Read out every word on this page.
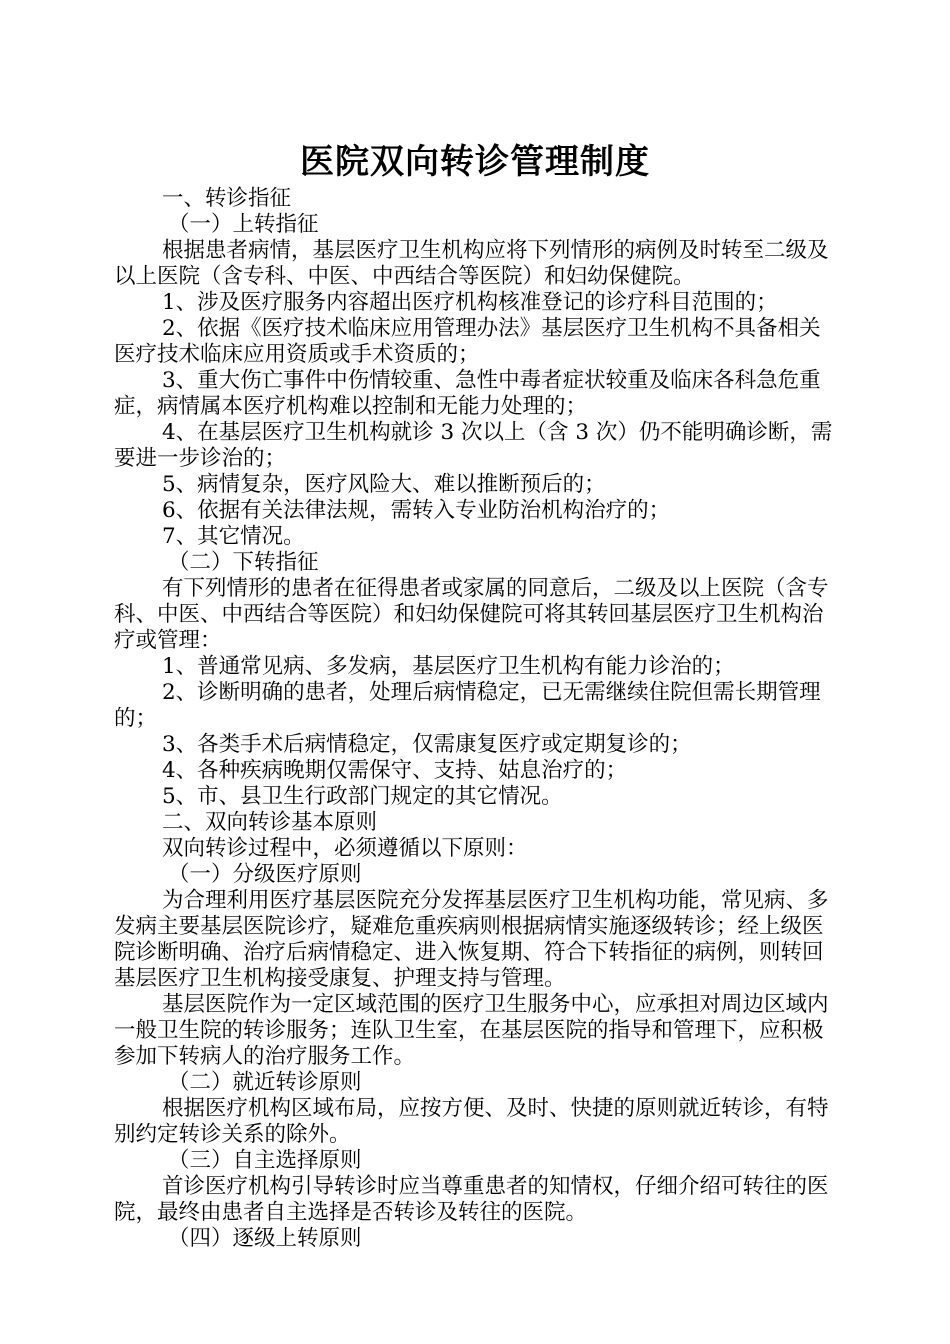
医院双向转诊管理制度

一、转诊指征

（一）上转指征

根据患者病情，基层医疗卫生机构应将下列情形的病例及时转至二级及以上医院（含专科、中医、中西结合等医院）和妇幼保健院。

1、涉及医疗服务内容超出医疗机构核准登记的诊疗科目范围的；

2、依据《医疗技术临床应用管理办法》基层医疗卫生机构不具备相关医疗技术临床应用资质或手术资质的；

3、重大伤亡事件中伤情较重、急性中毒者症状较重及临床各科急危重症，病情属本医疗机构难以控制和无能力处理的；

4、在基层医疗卫生机构就诊 3 次以上（含 3 次）仍不能明确诊断，需要进一步诊治的；

5、病情复杂，医疗风险大、难以推断预后的；

6、依据有关法律法规，需转入专业防治机构治疗的；

7、其它情况。

（二）下转指征

有下列情形的患者在征得患者或家属的同意后，二级及以上医院（含专科、中医、中西结合等医院）和妇幼保健院可将其转回基层医疗卫生机构治疗或管理：

1、普通常见病、多发病，基层医疗卫生机构有能力诊治的；

2、诊断明确的患者，处理后病情稳定，已无需继续住院但需长期管理的；

3、各类手术后病情稳定，仅需康复医疗或定期复诊的；

4、各种疾病晚期仅需保守、支持、姑息治疗的；

5、市、县卫生行政部门规定的其它情况。

二、双向转诊基本原则

双向转诊过程中，必须遵循以下原则：

（一）分级医疗原则

为合理利用医疗基层医院充分发挥基层医疗卫生机构功能，常见病、多发病主要基层医院诊疗，疑难危重疾病则根据病情实施逐级转诊；经上级医院诊断明确、治疗后病情稳定、进入恢复期、符合下转指征的病例，则转回基层医疗卫生机构接受康复、护理支持与管理。

基层医院作为一定区域范围的医疗卫生服务中心，应承担对周边区域内一般卫生院的转诊服务；连队卫生室，在基层医院的指导和管理下，应积极参加下转病人的治疗服务工作。

（二）就近转诊原则

根据医疗机构区域布局，应按方便、及时、快捷的原则就近转诊，有特别约定转诊关系的除外。

（三）自主选择原则

首诊医疗机构引导转诊时应当尊重患者的知情权，仔细介绍可转往的医院，最终由患者自主选择是否转诊及转往的医院。

（四）逐级上转原则
